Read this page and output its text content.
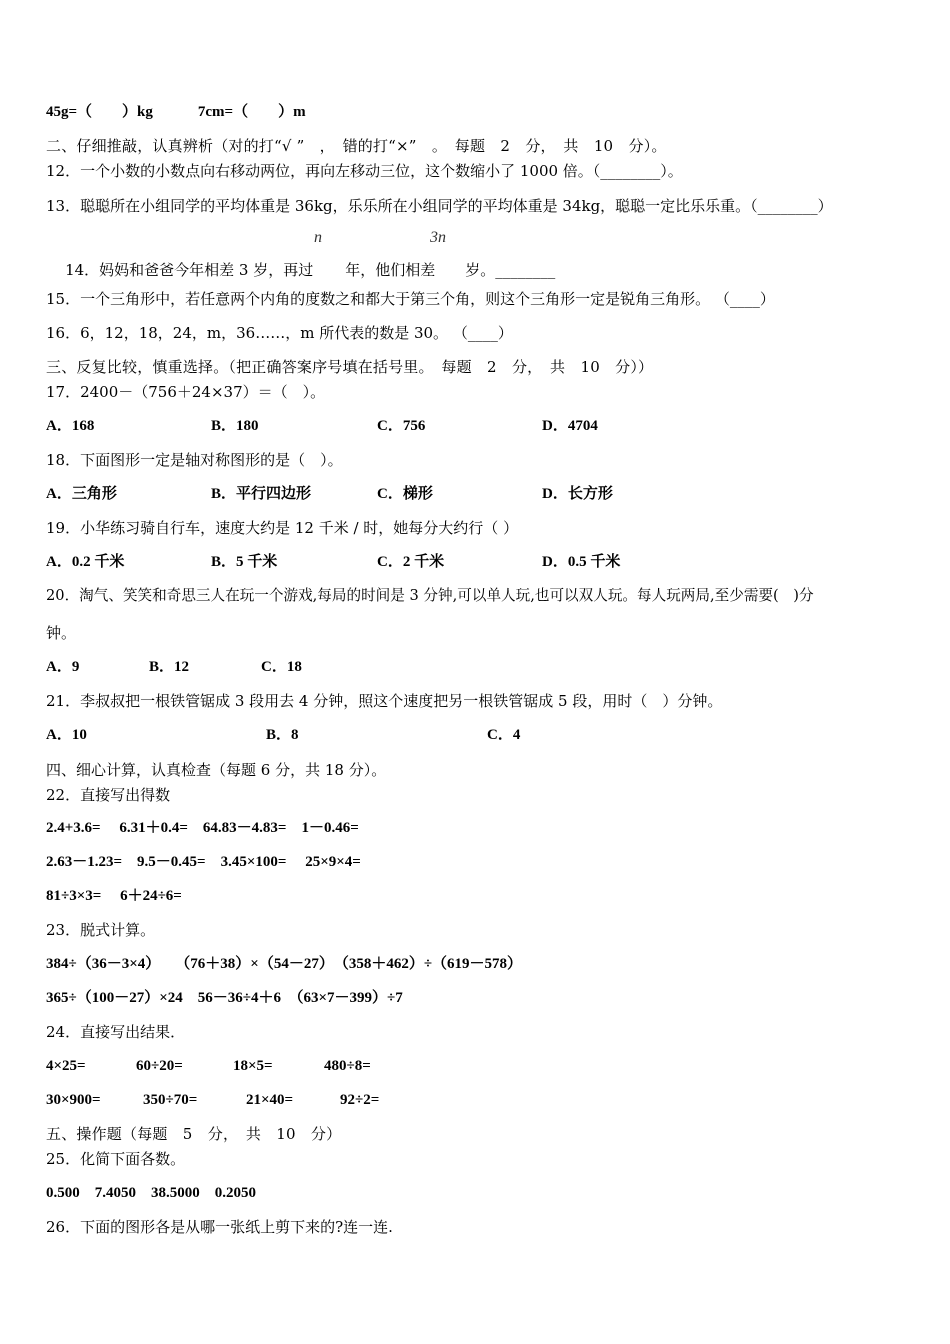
45g=（　　）kg　　　7cm=（　　）m
二、仔细推敲，认真辨析（对的打“√ ”　，　错的打“×”　。　每题　2　分，　共　10　分）。
12．一个小数的小数点向右移动两位，再向左移动三位，这个数缩小了 1000 倍。（________）。
13．聪聪所在小组同学的平均体重是 36kg，乐乐所在小组同学的平均体重是 34kg，聪聪一定比乐乐重。（________）

14．妈妈和爸爸今年相差 3 岁，再过 年，他们相差 岁。________

n	3n
15．一个三角形中，若任意两个内角的度数之和都大于第三个角，则这个三角形一定是锐角三角形。 （____）
16．6，12，18，24，m，36……，m 所代表的数是 30。 （____）
三、反复比较，慎重选择。（把正确答案序号填在括号里。　每题　2　分，　共　10　分））
17．2400－（756＋24×37）＝（　）。
A．168	B．180	C．756	D．4704
18．下面图形一定是轴对称图形的是（　）。
A．三角形	B．平行四边形	C．梯形	D．长方形
19．小华练习骑自行车，速度大约是 12 千米 / 时，她每分大约行（ ）
A．0.2 千米	B．5 千米	C．2 千米	D．0.5 千米
20．淘气、笑笑和奇思三人在玩一个游戏,每局的时间是 3 分钟,可以单人玩,也可以双人玩。每人玩两局,至少需要(　)分
钟。
A．9	B．12	C．18
21．李叔叔把一根铁管锯成 3 段用去 4 分钟，照这个速度把另一根铁管锯成 5 段，用时（　）分钟。
A．10	B．8	C．4
四、细心计算，认真检查（每题 6 分，共 18 分）。
22．直接写出得数
2.4+3.6=　 6.31＋0.4=　64.83－4.83=　1－0.46=
2.63－1.23=　9.5－0.45=　3.45×100=　 25×9×4=
81÷3×3=　 6＋24÷6=
23．脱式计算。
384÷（36－3×4）　　（76＋38）×（54－27）　（358＋462）÷（619－578）
365÷（100－27）×24　56－36÷4＋6　（63×7－399）÷7
24．直接写出结果．
4×25=	60÷20=	18×5=	480÷8=
30×900=	350÷70=	21×40=	92÷2=
五、操作题（每题　5　分，　共　10　分）
25．化简下面各数。
0.500　7.4050　38.5000　0.2050
26．下面的图形各是从哪一张纸上剪下来的?连一连.
